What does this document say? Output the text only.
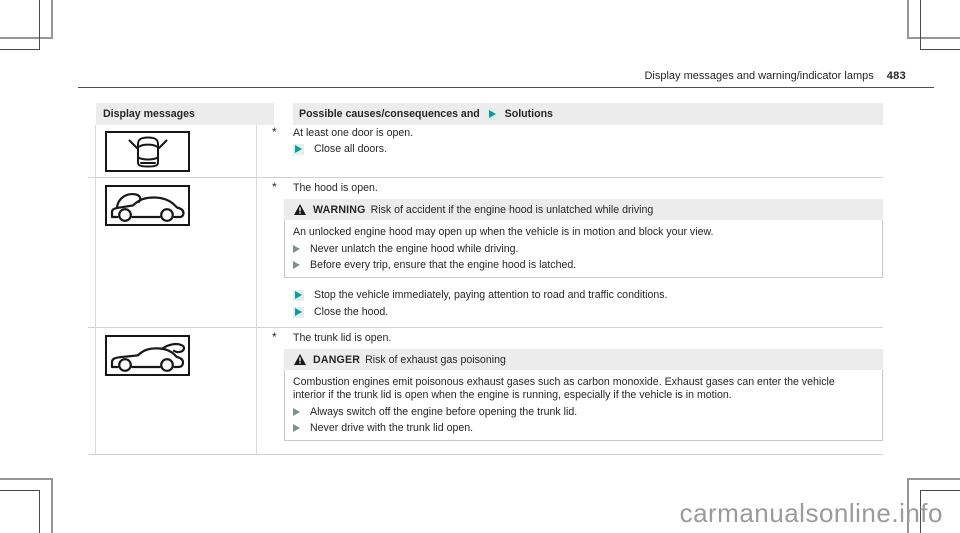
Display messages and warning/indicator lamps 483
Display messages	Possible causes/consequences and Solutions
* At least one door is open.
Close all doors.
* The hood is open.
WARNING Risk of accident if the engine hood is unlatched while driving
An unlocked engine hood may open up when the vehicle is in motion and block your view.
Never unlatch the engine hood while driving.
Before every trip, ensure that the engine hood is latched.
Stop the vehicle immediately, paying attention to road and traffic conditions.
Close the hood.
* The trunk lid is open.
DANGER Risk of exhaust gas poisoning
Combustion engines emit poisonous exhaust gases such as carbon monoxide. Exhaust gases can enter the vehicle interior if the trunk lid is open when the engine is running, especially if the vehicle is in motion.
Always switch off the engine before opening the trunk lid.
Never drive with the trunk lid open.
carmanualsonline.info
